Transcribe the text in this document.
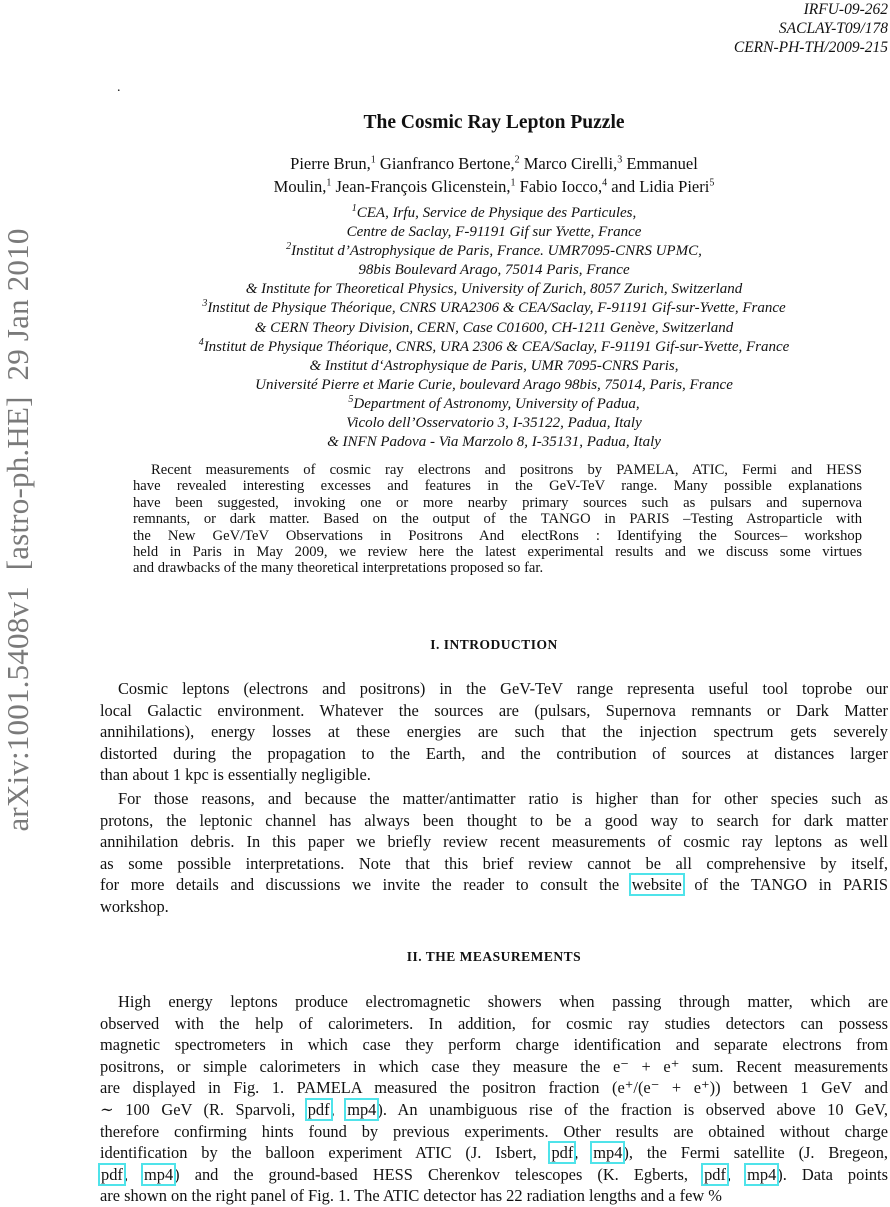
arXiv:1001.5408v1  [astro-ph.HE]  29 Jan 2010
IRFU-09-262
SACLAY-T09/178
CERN-PH-TH/2009-215
.
The Cosmic Ray Lepton Puzzle
Pierre Brun,$^1$ Gianfranco Bertone,$^2$ Marco Cirelli,$^3$ Emmanuel
Moulin,$^1$ Jean-François Glicenstein,$^1$ Fabio Iocco,$^4$ and Lidia Pieri$^5$
$^1$CEA, Irfu, Service de Physique des Particules,
Centre de Saclay, F-91191 Gif sur Yvette, France
$^2$Institut d’Astrophysique de Paris, France. UMR7095-CNRS UPMC,
98bis Boulevard Arago, 75014 Paris, France
& Institute for Theoretical Physics, University of Zurich, 8057 Zurich, Switzerland
$^3$Institut de Physique Théorique, CNRS URA2306 & CEA/Saclay, F-91191 Gif-sur-Yvette, France
& CERN Theory Division, CERN, Case C01600, CH-1211 Genève, Switzerland
$^4$Institut de Physique Théorique, CNRS, URA 2306 & CEA/Saclay, F-91191 Gif-sur-Yvette, France
& Institut d‘Astrophysique de Paris, UMR 7095-CNRS Paris,
Université Pierre et Marie Curie, boulevard Arago 98bis, 75014, Paris, France
$^5$Department of Astronomy, University of Padua,
Vicolo dell’Osservatorio 3, I-35122, Padua, Italy
& INFN Padova - Via Marzolo 8, I-35131, Padua, Italy
Recent measurements of cosmic ray electrons and positrons by PAMELA, ATIC, Fermi and HESS
have revealed interesting excesses and features in the GeV-TeV range. Many possible explanations
have been suggested, invoking one or more nearby primary sources such as pulsars and supernova
remnants, or dark matter. Based on the output of the TANGO in PARIS –Testing Astroparticle with
the New GeV/TeV Observations in Positrons And electRons : Identifying the Sources– workshop
held in Paris in May 2009, we review here the latest experimental results and we discuss some virtues
and drawbacks of the many theoretical interpretations proposed so far.
I. INTRODUCTION
Cosmic leptons (electrons and positrons) in the GeV-TeV range representa useful tool toprobe our
local Galactic environment. Whatever the sources are (pulsars, Supernova remnants or Dark Matter
annihilations), energy losses at these energies are such that the injection spectrum gets severely
distorted during the propagation to the Earth, and the contribution of sources at distances larger
than about 1 kpc is essentially negligible.
For those reasons, and because the matter/antimatter ratio is higher than for other species such as
protons, the leptonic channel has always been thought to be a good way to search for dark matter
annihilation debris. In this paper we briefly review recent measurements of cosmic ray leptons as well
as some possible interpretations. Note that this brief review cannot be all comprehensive by itself,
for more details and discussions we invite the reader to consult the website of the TANGO in PARIS
workshop.
II. THE MEASUREMENTS
High energy leptons produce electromagnetic showers when passing through matter, which are
observed with the help of calorimeters. In addition, for cosmic ray studies detectors can possess
magnetic spectrometers in which case they perform charge identification and separate electrons from
positrons, or simple calorimeters in which case they measure the e⁻ + e⁺ sum. Recent measurements
are displayed in Fig. 1. PAMELA measured the positron fraction (e⁺/(e⁻ + e⁺)) between 1 GeV and
∼ 100 GeV (R. Sparvoli, pdf, mp4). An unambiguous rise of the fraction is observed above 10 GeV,
therefore confirming hints found by previous experiments. Other results are obtained without charge
identification by the balloon experiment ATIC (J. Isbert, pdf, mp4), the Fermi satellite (J. Bregeon,
pdf, mp4) and the ground-based HESS Cherenkov telescopes (K. Egberts, pdf, mp4). Data points
are shown on the right panel of Fig. 1. The ATIC detector has 22 radiation lengths and a few %
